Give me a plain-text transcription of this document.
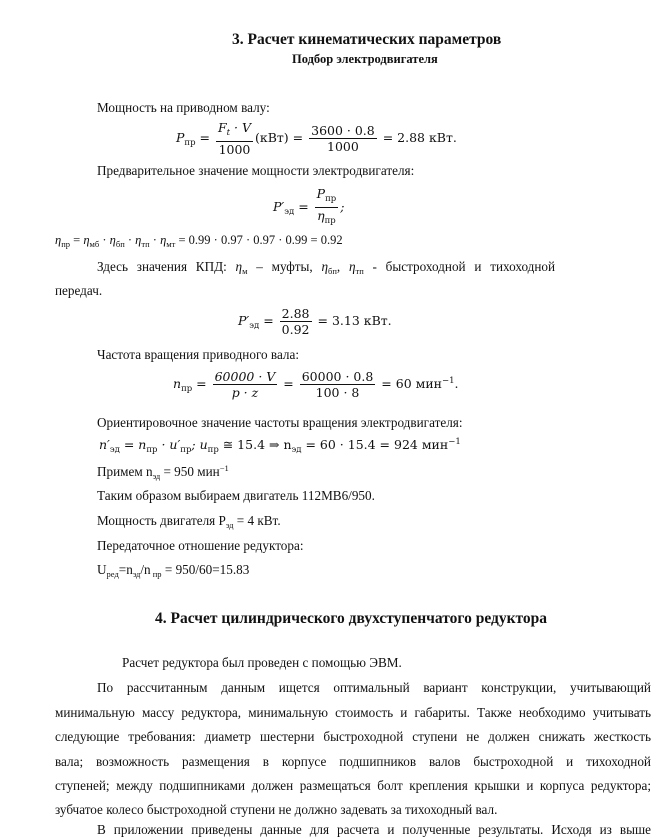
3. Расчет кинематических параметров
Подбор электродвигателя
Мощность на приводном валу:
$P_{пр} = \frac{F_t \cdot V}{1000} (кВт) = \frac{3600 \cdot 0.8}{1000} = 2.88$ кВт.
Предварительное значение мощности электродвигателя:
$P'_{эд} = \frac{P_{пр}}{\eta_{пр}}$ ;
$\eta_{пр} = \eta_{мб} \cdot \eta_{бп} \cdot \eta_{тп} \cdot \eta_{мт} = 0.99 \cdot 0.97 \cdot 0.97 \cdot 0.99 = 0.92$
Здесь значения КПД: $\eta_м$ – муфты, $\eta_{бп}$, $\eta_{тп}$ - быстроходной и тихоходной
передач.
$P'_{эд} = \frac{2.88}{0.92} = 3.13$ кВт.
Частота вращения приводного вала:
$n_{пр} = \frac{60000 \cdot V}{p \cdot z} = \frac{60000 \cdot 0.8}{100 \cdot 8} = 60$ мин$^{-1}$.
Ориентировочное значение частоты вращения электродвигателя:
$n'_{эд} = n_{пр} \cdot u'_{пр}$; $u_{пр}$ ≅ 15.4 ⇒ $n_{эд} = 60 \cdot 15.4 = 924$ мин$^{-1}$
Примем $n_{эд} = 950$ мин$^{-1}$
Таким образом выбираем двигатель 112МВ6/950.
Мощность двигателя $Р_{эд} = 4$ кВт.
Передаточное отношение редуктора:
$U_{ред}=n_{эд}/n$ $_{пр}$ = 950/60=15.83
4. Расчет цилиндрического двухступенчатого редуктора
Расчет редуктора был проведен с помощью ЭВМ.
По рассчитанным данным ищется оптимальный вариант конструкции, учитывающий
минимальную массу редуктора, минимальную стоимость и габариты. Также необходимо учитывать
следующие требования: диаметр шестерни быстроходной ступени не должен снижать жесткость
вала; возможность размещения в корпусе подшипников валов быстроходной и тихоходной
ступеней; между подшипниками должен размещаться болт крепления крышки и корпуса редуктора;
зубчатое колесо быстроходной ступени не должно задевать за тихоходный вал.
В приложении приведены данные для расчета и полученные результаты. Исходя из выше
